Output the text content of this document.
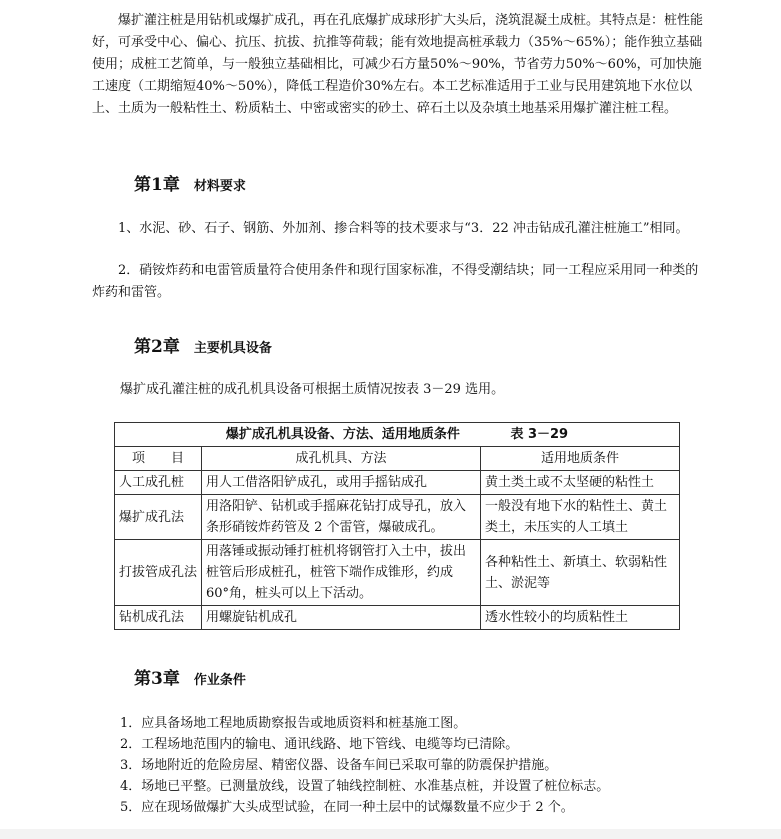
爆扩灌注桩是用钻机或爆扩成孔，再在孔底爆扩成球形扩大头后，浇筑混凝土成桩。其特点是：桩性能好，可承受中心、偏心、抗压、抗拔、抗推等荷载；能有效地提高桩承载力（35%～65%）；能作独立基础使用；成桩工艺简单，与一般独立基础相比，可减少石方量50%～90%，节省劳力50%～60%，可加快施工速度（工期缩短40%～50%），降低工程造价30%左右。本工艺标准适用于工业与民用建筑地下水位以上、土质为一般粘性土、粉质粘土、中密或密实的砂土、碎石土以及杂填土地基采用爆扩灌注桩工程。

第1章 材料要求

1、水泥、砂、石子、钢筋、外加剂、掺合料等的技术要求与“3．22 冲击钻成孔灌注桩施工”相同。

2．硝铵炸药和电雷管质量符合使用条件和现行国家标准，不得受潮结块；同一工程应采用同一种类的炸药和雷管。

第2章 主要机具设备

爆扩成孔灌注桩的成孔机具设备可根据土质情况按表 3－29 选用。

爆扩成孔机具设备、方法、适用地质条件 表 3－29		
项　　目	成孔机具、方法	适用地质条件
人工成孔桩	用人工借洛阳铲成孔，或用手摇钻成孔	黄土类土或不太坚硬的粘性土
爆扩成孔法	用洛阳铲、钻机或手摇麻花钻打成导孔，放入条形硝铵炸药管及 2 个雷管，爆破成孔。	一般没有地下水的粘性土、黄土类土，未压实的人工填土
打拔管成孔法	用落锤或振动锤打桩机将钢管打入土中，拔出桩管后形成桩孔，桩管下端作成锥形，约成 60°角，桩头可以上下活动。	各种粘性土、新填土、软弱粘性土、淤泥等
钻机成孔法	用螺旋钻机成孔	透水性较小的均质粘性土
第3章 作业条件

1．应具备场地工程地质勘察报告或地质资料和桩基施工图。

2．工程场地范围内的输电、通讯线路、地下管线、电缆等均已清除。

3．场地附近的危险房屋、精密仪器、设备车间已采取可靠的防震保护措施。

4．场地已平整。已测量放线，设置了轴线控制桩、水准基点桩，并设置了桩位标志。

5．应在现场做爆扩大头成型试验，在同一种土层中的试爆数量不应少于 2 个。
